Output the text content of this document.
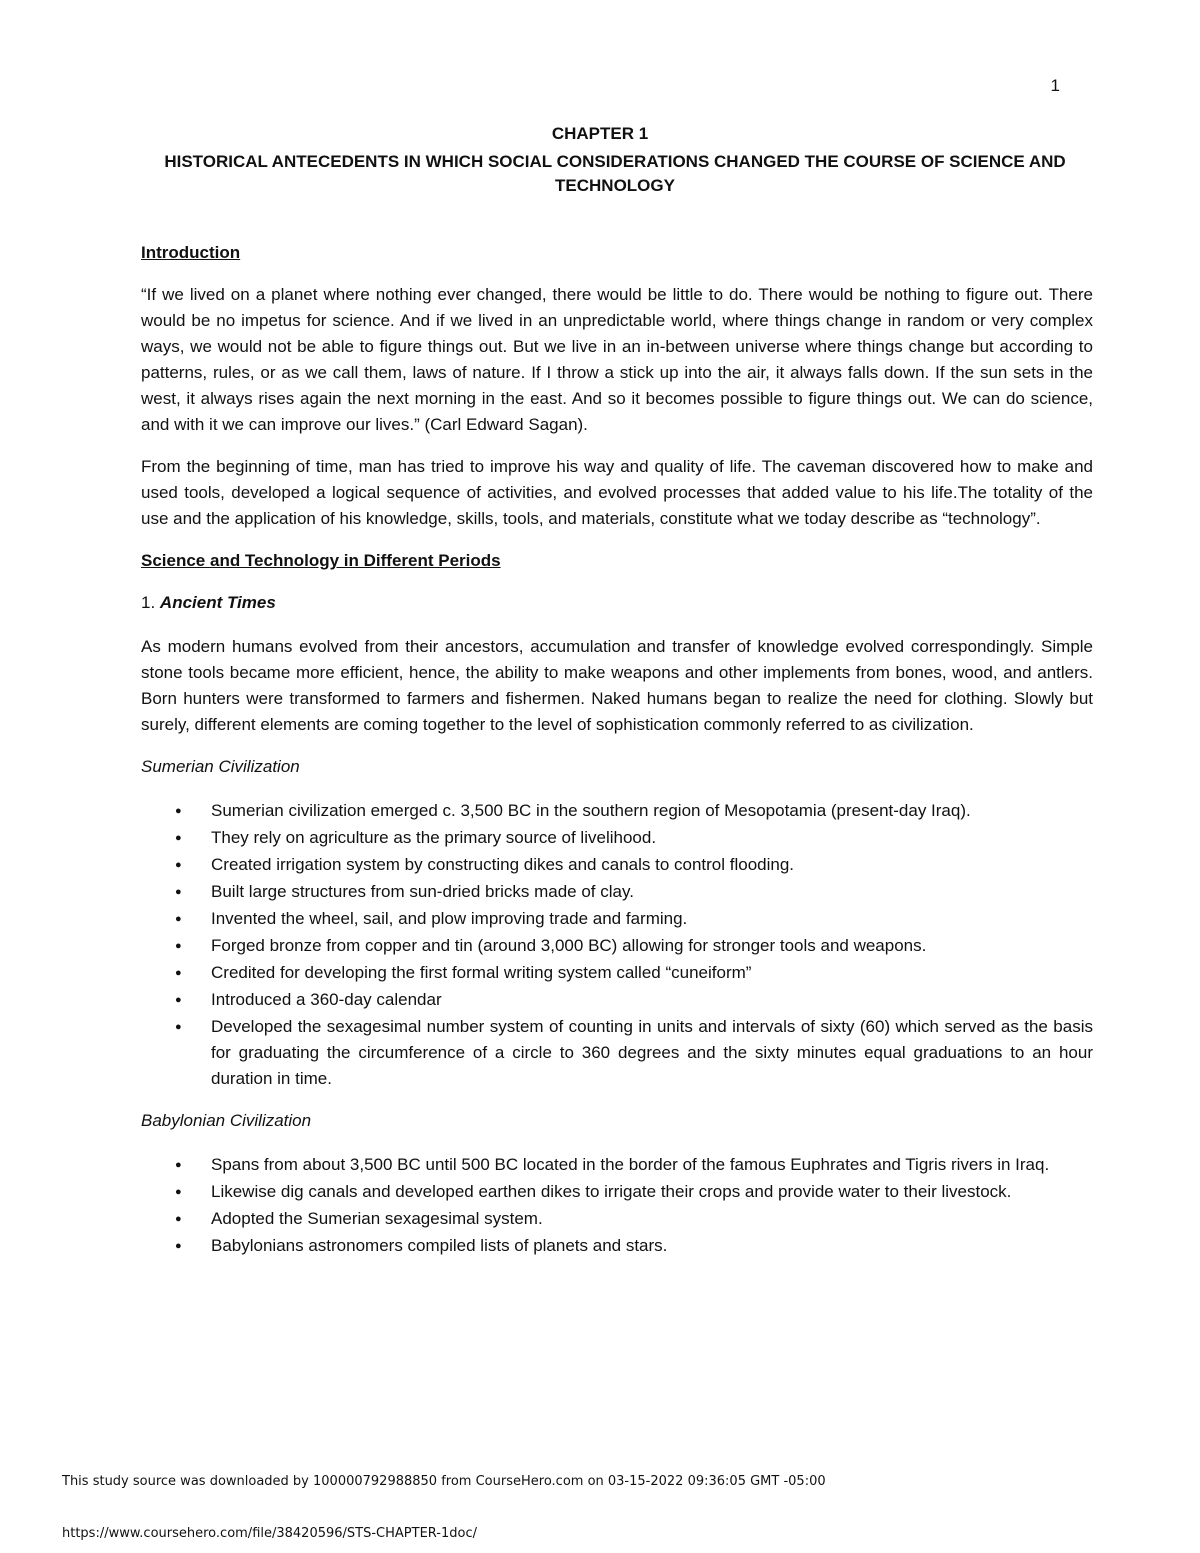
1
CHAPTER 1
HISTORICAL ANTECEDENTS IN WHICH SOCIAL CONSIDERATIONS CHANGED THE COURSE OF SCIENCE AND TECHNOLOGY
Introduction

“If we lived on a planet where nothing ever changed, there would be little to do. There would be nothing to figure out. There would be no impetus for science. And if we lived in an unpredictable world, where things change in random or very complex ways, we would not be able to figure things out. But we live in an in-between universe where things change but according to patterns, rules, or as we call them, laws of nature. If I throw a stick up into the air, it always falls down. If the sun sets in the west, it always rises again the next morning in the east. And so it becomes possible to figure things out. We can do science, and with it we can improve our lives.” (Carl Edward Sagan).

From the beginning of time, man has tried to improve his way and quality of life. The caveman discovered how to make and used tools, developed a logical sequence of activities, and evolved processes that added value to his life.The totality of the use and the application of his knowledge, skills, tools, and materials, constitute what we today describe as “technology”.

Science and Technology in Different Periods
1. Ancient Times

As modern humans evolved from their ancestors, accumulation and transfer of knowledge evolved correspondingly. Simple stone tools became more efficient, hence, the ability to make weapons and other implements from bones, wood, and antlers. Born hunters were transformed to farmers and fishermen. Naked humans began to realize the need for clothing. Slowly but surely, different elements are coming together to the level of sophistication commonly referred to as civilization.

Sumerian Civilization
● Sumerian civilization emerged c. 3,500 BC in the southern region of Mesopotamia (present-day Iraq).
● They rely on agriculture as the primary source of livelihood.
● Created irrigation system by constructing dikes and canals to control flooding.
● Built large structures from sun-dried bricks made of clay.
● Invented the wheel, sail, and plow improving trade and farming.
● Forged bronze from copper and tin (around 3,000 BC) allowing for stronger tools and weapons.
● Credited for developing the first formal writing system called “cuneiform”
● Introduced a 360-day calendar
● Developed the sexagesimal number system of counting in units and intervals of sixty (60) which served as the basis for graduating the circumference of a circle to 360 degrees and the sixty minutes equal graduations to an hour duration in time.
Babylonian Civilization
● Spans from about 3,500 BC until 500 BC located in the border of the famous Euphrates and Tigris rivers in Iraq.
● Likewise dig canals and developed earthen dikes to irrigate their crops and provide water to their livestock.
● Adopted the Sumerian sexagesimal system.
● Babylonians astronomers compiled lists of planets and stars.
This study source was downloaded by 100000792988850 from CourseHero.com on 03-15-2022 09:36:05 GMT -05:00
https://www.coursehero.com/file/38420596/STS-CHAPTER-1doc/
